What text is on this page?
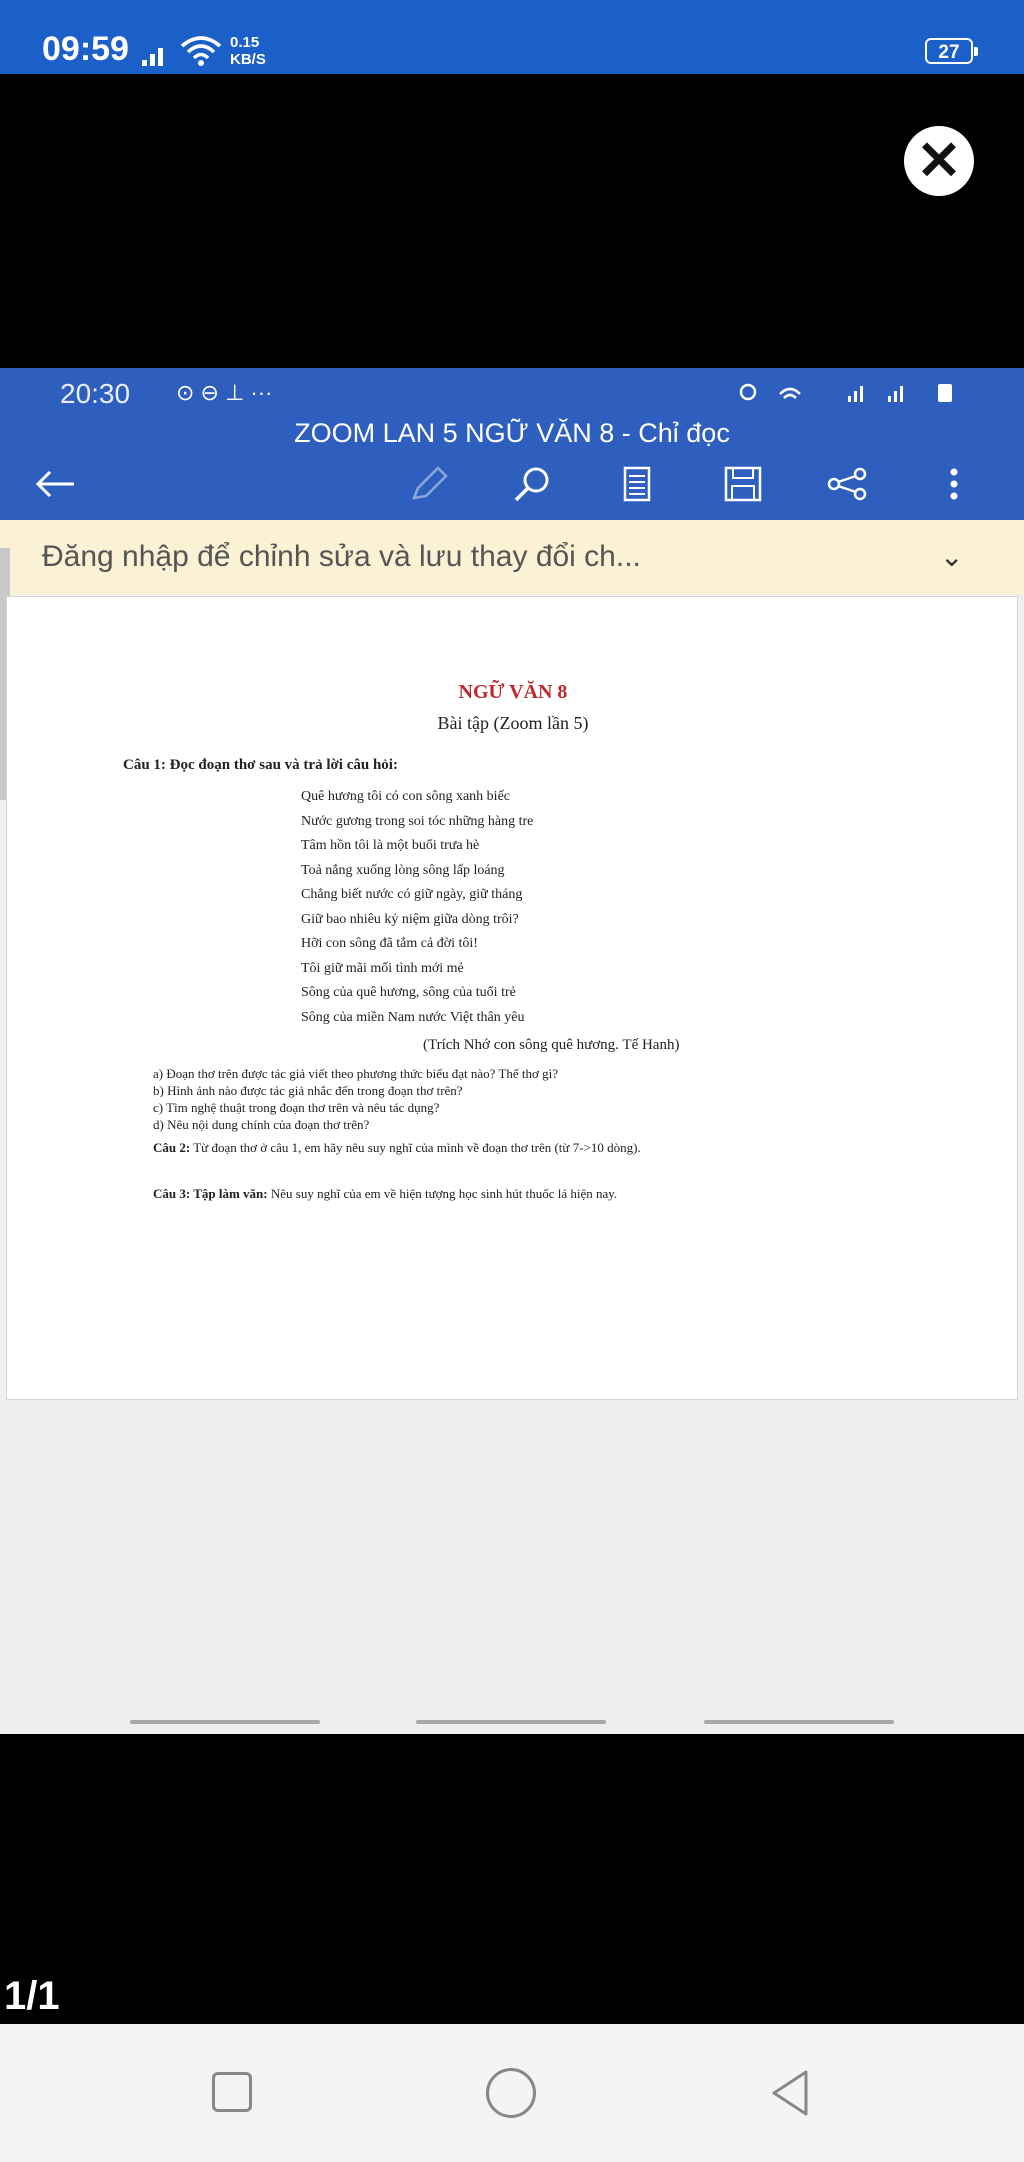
09:59	0.15
KB/S	27
✕
20:30 ⊙ ⊖ ⊥ ···
ZOOM LAN 5 NGỮ VĂN 8 - Chỉ đọc
Đăng nhập để chỉnh sửa và lưu thay đổi ch...	⌄
NGỮ VĂN 8
Bài tập (Zoom lần 5)
Câu 1: Đọc đoạn thơ sau và trả lời câu hỏi:
Quê hương tôi có con sông xanh biếc
Nước gương trong soi tóc những hàng tre
Tâm hồn tôi là một buổi trưa hè
Toả nắng xuống lòng sông lấp loáng
Chẳng biết nước có giữ ngày, giữ tháng
Giữ bao nhiêu kỷ niệm giữa dòng trôi?
Hỡi con sông đã tắm cả đời tôi!
Tôi giữ mãi mối tình mới mẻ
Sông của quê hương, sông của tuổi trẻ
Sông của miền Nam nước Việt thân yêu
(Trích Nhớ con sông quê hương. Tế Hanh)
a) Đoạn thơ trên được tác giả viết theo phương thức biểu đạt nào? Thể thơ gì?
b) Hình ảnh nào được tác giả nhắc đến trong đoạn thơ trên?
c) Tìm nghệ thuật trong đoạn thơ trên và nêu tác dụng?
d) Nêu nội dung chính của đoạn thơ trên?
Câu 2: Từ đoạn thơ ở câu 1, em hãy nêu suy nghĩ của mình về đoạn thơ trên (từ 7->10 dòng).
Câu 3: Tập làm văn: Nêu suy nghĩ của em về hiện tượng học sinh hút thuốc lá hiện nay.
1/1
